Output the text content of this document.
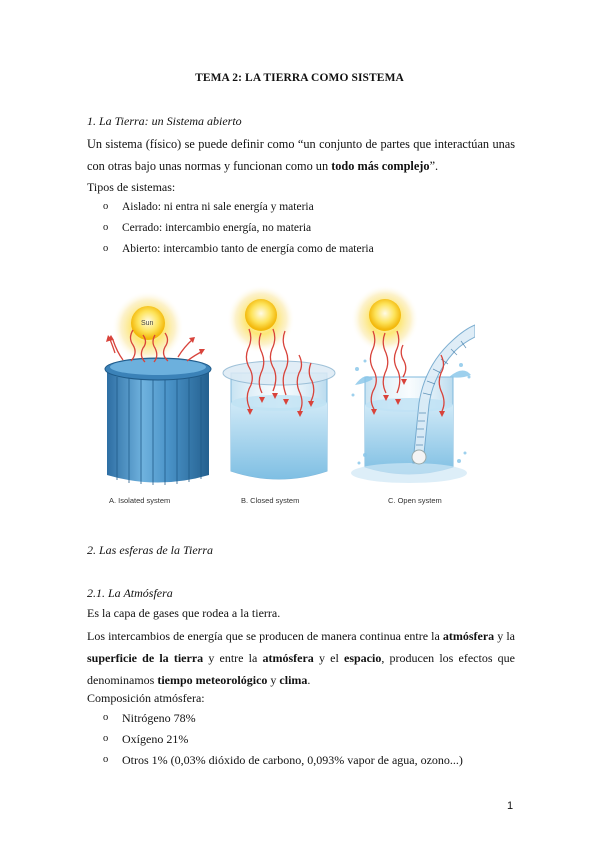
TEMA 2: LA TIERRA COMO SISTEMA
1. La Tierra: un Sistema abierto
Un sistema (físico) se puede definir como “un conjunto de partes que interactúan unas con otras bajo unas normas y funcionan como un todo más complejo”.
Tipos de sistemas:
o Aislado: ni entra ni sale energía y materia
o Cerrado: intercambio energía, no materia
o Abierto: intercambio tanto de energía como de materia
Sun
B. Closed system	C. Open system
A. Isolated system
2. Las esferas de la Tierra
2.1. La Atmósfera
Es la capa de gases que rodea a la tierra.
Los intercambios de energía que se producen de manera continua entre la atmósfera y la superficie de la tierra y entre la atmósfera y el espacio, producen los efectos que denominamos tiempo meteorológico y clima.
Composición atmósfera:
o Nitrógeno 78%
o Oxígeno 21%
o Otros 1% (0,03% dióxido de carbono, 0,093% vapor de agua, ozono...)
1
